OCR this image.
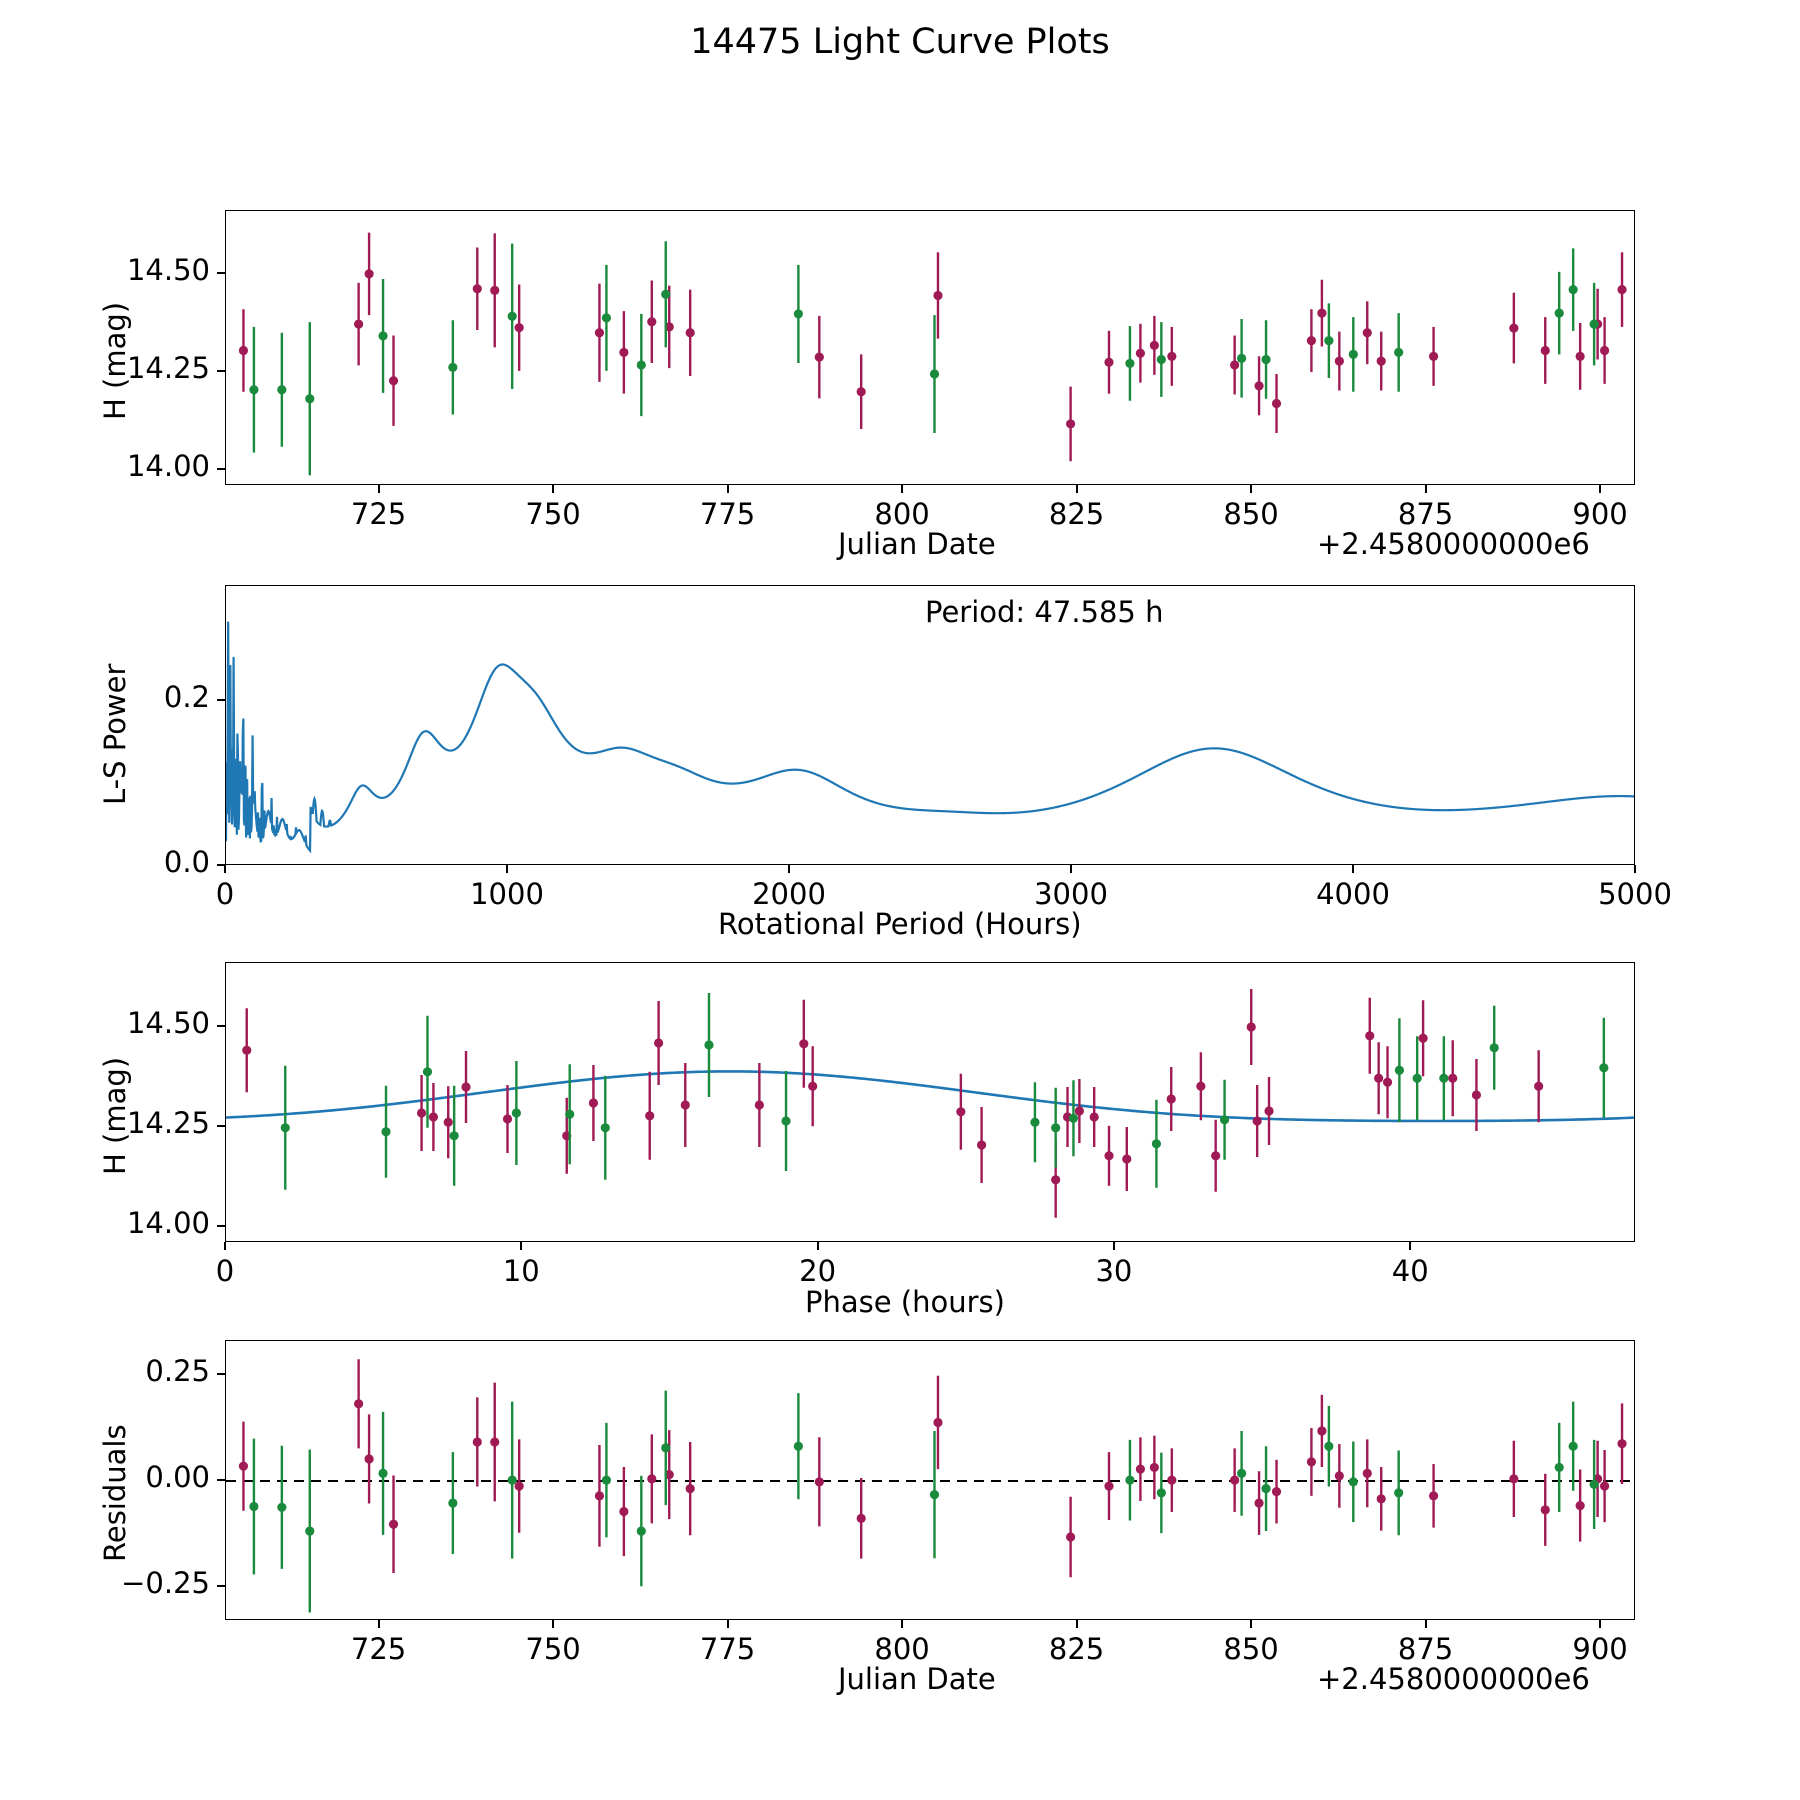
14475 Light Curve Plots
H (mag)
Julian Date	+2.4580000000e6
725	750	775	800	825	850	875	900
14.00
14.25
14.50
L-S Power
Rotational Period (Hours)
Period: 47.585 h
0	1000	2000	3000	4000	5000
0.0
0.2
H (mag)
Phase (hours)
0	10	20	30	40
14.00
14.25
14.50
Residuals
Julian Date	+2.4580000000e6
725	750	775	800	825	850	875	900
−0.25
0.00
0.25
